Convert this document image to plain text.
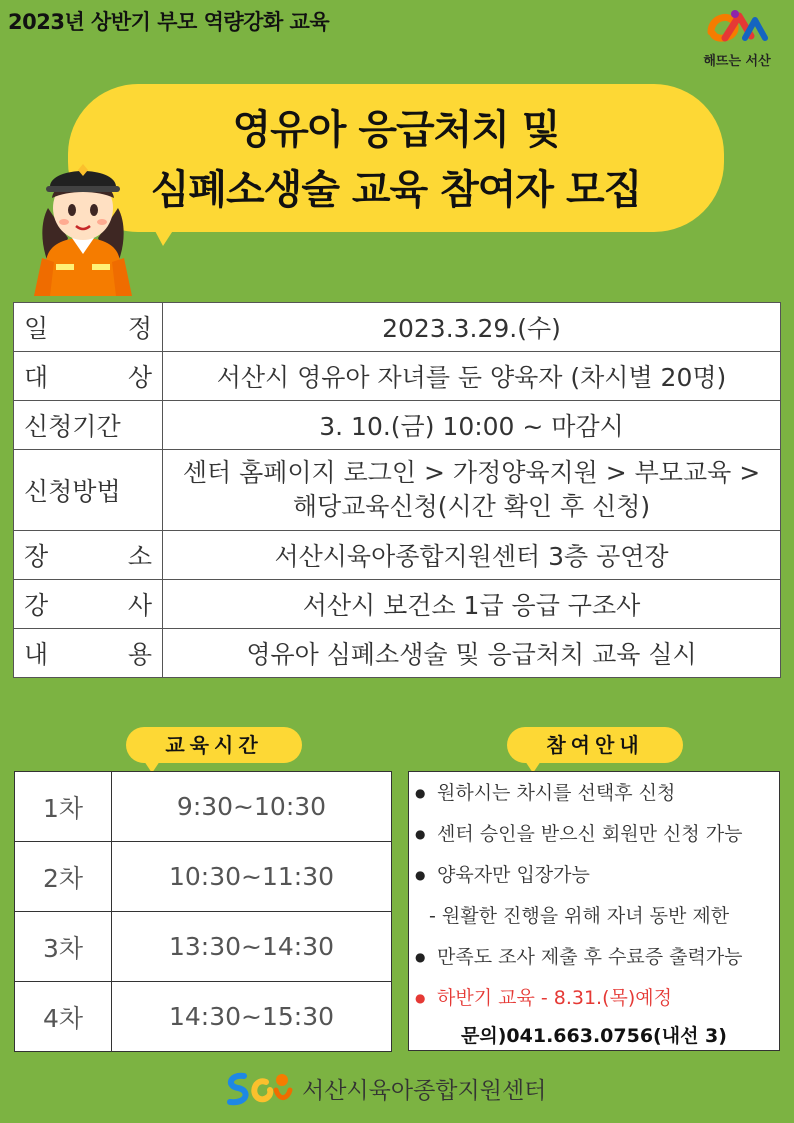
2023년 상반기 부모 역량강화 교육
해뜨는 서산
영유아 응급처치 및
심폐소생술 교육 참여자 모집
일 정	2023.3.29.(수)

대 상	서산시 영유아 자녀를 둔 양육자 (차시별 20명)
신청기간	3. 10.(금) 10:00 ~ 마감시
신청방법	센터 홈페이지 로그인 > 가정양육지원 > 부모교육 >
해당교육신청(시간 확인 후 신청)

장 소	서산시육아종합지원센터 3층 공연장

강 사	서산시 보건소 1급 응급 구조사

내 용	영유아 심폐소생술 및 응급처치 교육 실시
교육시간	참여안내
1차	9:30~10:30
2차	10:30~11:30
3차	13:30~14:30
4차	14:30~15:30
● 원하시는 차시를 선택후 신청
● 센터 승인을 받으신 회원만 신청 가능
● 양육자만 입장가능
- 원활한 진행을 위해 자녀 동반 제한
● 만족도 조사 제출 후 수료증 출력가능
● 하반기 교육 - 8.31.(목)예정
문의)041.663.0756(내선 3)
서산시육아종합지원센터
